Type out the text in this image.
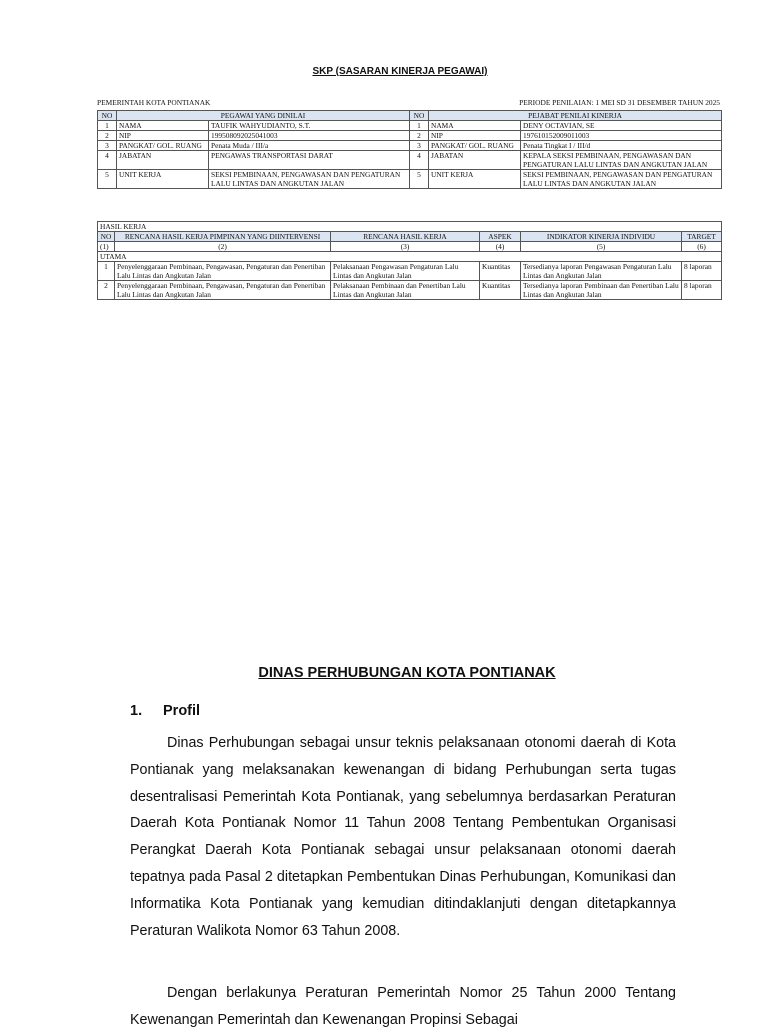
SKP (SASARAN KINERJA PEGAWAI)
PEMERINTAH KOTA PONTIANAK	PERIODE PENILAIAN: 1 MEI SD 31 DESEMBER TAHUN 2025
NO	PEGAWAI YANG DINILAI		NO	PEJABAT PENILAI KINERJA	
1	NAMA	TAUFIK WAHYUDIANTO, S.T.	1	NAMA	DENY OCTAVIAN, SE
2	NIP	199508092025041003	2	NIP	197610152009011003
3	PANGKAT/ GOL. RUANG	Penata Muda / III/a	3	PANGKAT/ GOL. RUANG	Penata Tingkat I / III/d
4	JABATAN	PENGAWAS TRANSPORTASI DARAT	4	JABATAN	KEPALA SEKSI PEMBINAAN, PENGAWASAN DAN PENGATURAN LALU LINTAS DAN ANGKUTAN JALAN
5	UNIT KERJA	SEKSI PEMBINAAN, PENGAWASAN DAN PENGATURAN LALU LINTAS DAN ANGKUTAN JALAN	5	UNIT KERJA	SEKSI PEMBINAAN, PENGAWASAN DAN PENGATURAN LALU LINTAS DAN ANGKUTAN JALAN
HASIL KERJA					
NO	RENCANA HASIL KERJA PIMPINAN YANG DIINTERVENSI	RENCANA HASIL KERJA	ASPEK	INDIKATOR KINERJA INDIVIDU	TARGET
(1)	(2)	(3)	(4)	(5)	(6)
UTAMA					
1	Penyelenggaraan Pembinaan, Pengawasan, Pengaturan dan Penertiban Lalu Lintas dan Angkutan Jalan	Pelaksanaan Pengawasan Pengaturan Lalu Lintas dan Angkutan Jalan	Kuantitas	Tersedianya laporan Pengawasan Pengaturan Lalu Lintas dan Angkutan Jalan	8 laporan
2	Penyelenggaraan Pembinaan, Pengawasan, Pengaturan dan Penertiban Lalu Lintas dan Angkutan Jalan	Pelaksanaan Pembinaan dan Penertiban Lalu Lintas dan Angkutan Jalan	Kuantitas	Tersedianya laporan Pembinaan dan Penertiban Lalu Lintas dan Angkutan Jalan	8 laporan
DINAS PERHUBUNGAN KOTA PONTIANAK
1. Profil
Dinas Perhubungan sebagai unsur teknis pelaksanaan otonomi daerah di Kota Pontianak yang melaksanakan kewenangan di bidang Perhubungan serta tugas desentralisasi Pemerintah Kota Pontianak, yang sebelumnya berdasarkan Peraturan Daerah Kota Pontianak Nomor 11 Tahun 2008 Tentang Pembentukan Organisasi Perangkat Daerah Kota Pontianak sebagai unsur pelaksanaan otonomi daerah tepatnya pada Pasal 2 ditetapkan Pembentukan Dinas Perhubungan, Komunikasi dan Informatika Kota Pontianak yang kemudian ditindaklanjuti dengan ditetapkannya Peraturan Walikota Nomor 63 Tahun 2008.
Dengan berlakunya Peraturan Pemerintah Nomor 25 Tahun 2000 Tentang Kewenangan Pemerintah dan Kewenangan Propinsi Sebagai
